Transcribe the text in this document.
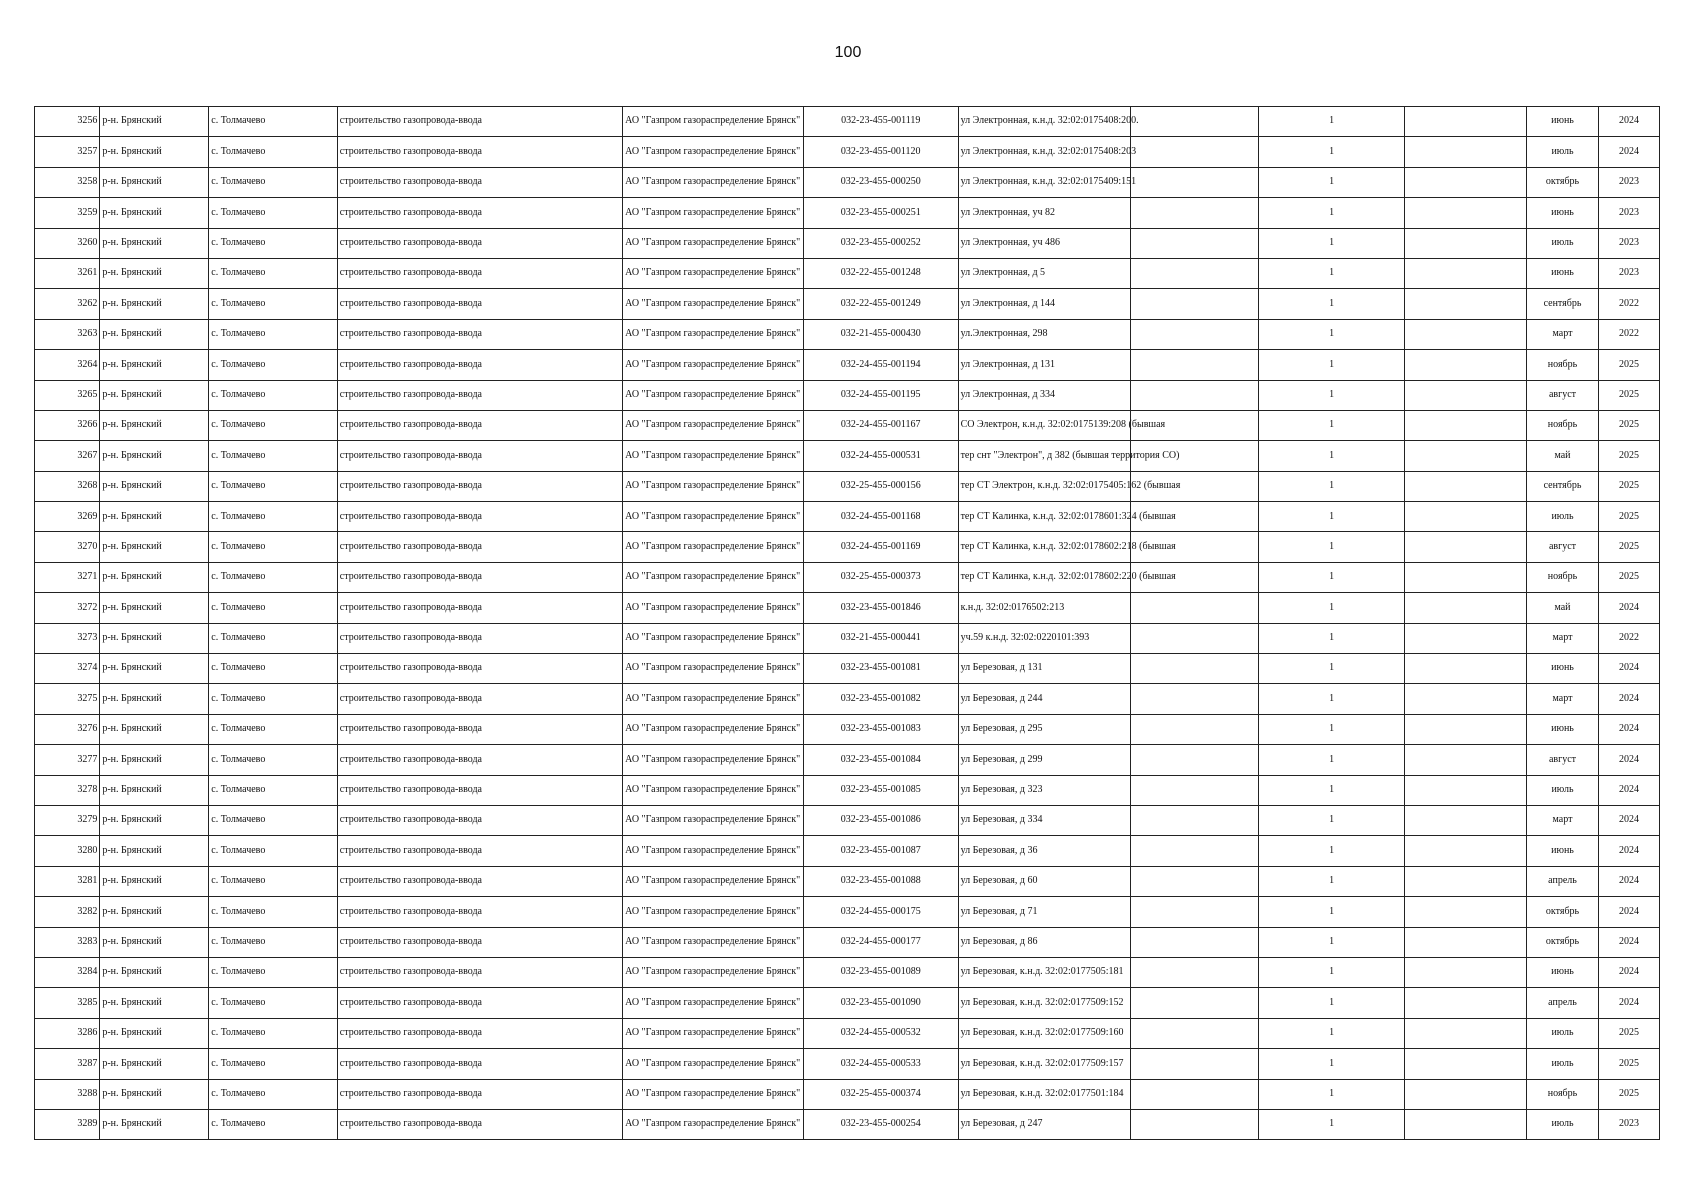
100
3256	р-н. Брянский	с. Толмачево	строительство газопровода-ввода	АО "Газпром газораспределение Брянск"	032-23-455-001119	ул Электронная, к.н.д. 32:02:0175408:200.		1		июнь	2024
3257	р-н. Брянский	с. Толмачево	строительство газопровода-ввода	АО "Газпром газораспределение Брянск"	032-23-455-001120	ул Электронная, к.н.д. 32:02:0175408:203		1		июль	2024
3258	р-н. Брянский	с. Толмачево	строительство газопровода-ввода	АО "Газпром газораспределение Брянск"	032-23-455-000250	ул Электронная, к.н.д. 32:02:0175409:151		1		октябрь	2023
3259	р-н. Брянский	с. Толмачево	строительство газопровода-ввода	АО "Газпром газораспределение Брянск"	032-23-455-000251	ул Электронная, уч 82		1		июнь	2023
3260	р-н. Брянский	с. Толмачево	строительство газопровода-ввода	АО "Газпром газораспределение Брянск"	032-23-455-000252	ул Электронная, уч 486		1		июль	2023
3261	р-н. Брянский	с. Толмачево	строительство газопровода-ввода	АО "Газпром газораспределение Брянск"	032-22-455-001248	ул Электронная, д 5		1		июнь	2023
3262	р-н. Брянский	с. Толмачево	строительство газопровода-ввода	АО "Газпром газораспределение Брянск"	032-22-455-001249	ул Электронная, д 144		1		сентябрь	2022
3263	р-н. Брянский	с. Толмачево	строительство газопровода-ввода	АО "Газпром газораспределение Брянск"	032-21-455-000430	ул.Электронная, 298		1		март	2022
3264	р-н. Брянский	с. Толмачево	строительство газопровода-ввода	АО "Газпром газораспределение Брянск"	032-24-455-001194	ул Электронная, д 131		1		ноябрь	2025
3265	р-н. Брянский	с. Толмачево	строительство газопровода-ввода	АО "Газпром газораспределение Брянск"	032-24-455-001195	ул Электронная, д 334		1		август	2025
3266	р-н. Брянский	с. Толмачево	строительство газопровода-ввода	АО "Газпром газораспределение Брянск"	032-24-455-001167	СО Электрон, к.н.д. 32:02:0175139:208 (бывшая		1		ноябрь	2025
3267	р-н. Брянский	с. Толмачево	строительство газопровода-ввода	АО "Газпром газораспределение Брянск"	032-24-455-000531	тер снт "Электрон", д 382 (бывшая территория СО)		1		май	2025
3268	р-н. Брянский	с. Толмачево	строительство газопровода-ввода	АО "Газпром газораспределение Брянск"	032-25-455-000156	тер СТ Электрон, к.н.д. 32:02:0175405:162 (бывшая		1		сентябрь	2025
3269	р-н. Брянский	с. Толмачево	строительство газопровода-ввода	АО "Газпром газораспределение Брянск"	032-24-455-001168	тер СТ Калинка, к.н.д. 32:02:0178601:324 (бывшая		1		июль	2025
3270	р-н. Брянский	с. Толмачево	строительство газопровода-ввода	АО "Газпром газораспределение Брянск"	032-24-455-001169	тер СТ Калинка, к.н.д. 32:02:0178602:218 (бывшая		1		август	2025
3271	р-н. Брянский	с. Толмачево	строительство газопровода-ввода	АО "Газпром газораспределение Брянск"	032-25-455-000373	тер СТ Калинка, к.н.д. 32:02:0178602:220 (бывшая		1		ноябрь	2025
3272	р-н. Брянский	с. Толмачево	строительство газопровода-ввода	АО "Газпром газораспределение Брянск"	032-23-455-001846	к.н.д. 32:02:0176502:213		1		май	2024
3273	р-н. Брянский	с. Толмачево	строительство газопровода-ввода	АО "Газпром газораспределение Брянск"	032-21-455-000441	уч.59 к.н.д. 32:02:0220101:393		1		март	2022
3274	р-н. Брянский	с. Толмачево	строительство газопровода-ввода	АО "Газпром газораспределение Брянск"	032-23-455-001081	ул Березовая, д 131		1		июнь	2024
3275	р-н. Брянский	с. Толмачево	строительство газопровода-ввода	АО "Газпром газораспределение Брянск"	032-23-455-001082	ул Березовая, д 244		1		март	2024
3276	р-н. Брянский	с. Толмачево	строительство газопровода-ввода	АО "Газпром газораспределение Брянск"	032-23-455-001083	ул Березовая, д 295		1		июнь	2024
3277	р-н. Брянский	с. Толмачево	строительство газопровода-ввода	АО "Газпром газораспределение Брянск"	032-23-455-001084	ул Березовая, д 299		1		август	2024
3278	р-н. Брянский	с. Толмачево	строительство газопровода-ввода	АО "Газпром газораспределение Брянск"	032-23-455-001085	ул Березовая, д 323		1		июль	2024
3279	р-н. Брянский	с. Толмачево	строительство газопровода-ввода	АО "Газпром газораспределение Брянск"	032-23-455-001086	ул Березовая, д 334		1		март	2024
3280	р-н. Брянский	с. Толмачево	строительство газопровода-ввода	АО "Газпром газораспределение Брянск"	032-23-455-001087	ул Березовая, д 36		1		июнь	2024
3281	р-н. Брянский	с. Толмачево	строительство газопровода-ввода	АО "Газпром газораспределение Брянск"	032-23-455-001088	ул Березовая, д 60		1		апрель	2024
3282	р-н. Брянский	с. Толмачево	строительство газопровода-ввода	АО "Газпром газораспределение Брянск"	032-24-455-000175	ул Березовая, д 71		1		октябрь	2024
3283	р-н. Брянский	с. Толмачево	строительство газопровода-ввода	АО "Газпром газораспределение Брянск"	032-24-455-000177	ул Березовая, д 86		1		октябрь	2024
3284	р-н. Брянский	с. Толмачево	строительство газопровода-ввода	АО "Газпром газораспределение Брянск"	032-23-455-001089	ул Березовая, к.н.д. 32:02:0177505:181		1		июнь	2024
3285	р-н. Брянский	с. Толмачево	строительство газопровода-ввода	АО "Газпром газораспределение Брянск"	032-23-455-001090	ул Березовая, к.н.д. 32:02:0177509:152		1		апрель	2024
3286	р-н. Брянский	с. Толмачево	строительство газопровода-ввода	АО "Газпром газораспределение Брянск"	032-24-455-000532	ул Березовая, к.н.д. 32:02:0177509:160		1		июль	2025
3287	р-н. Брянский	с. Толмачево	строительство газопровода-ввода	АО "Газпром газораспределение Брянск"	032-24-455-000533	ул Березовая, к.н.д. 32:02:0177509:157		1		июль	2025
3288	р-н. Брянский	с. Толмачево	строительство газопровода-ввода	АО "Газпром газораспределение Брянск"	032-25-455-000374	ул Березовая, к.н.д. 32:02:0177501:184		1		ноябрь	2025
3289	р-н. Брянский	с. Толмачево	строительство газопровода-ввода	АО "Газпром газораспределение Брянск"	032-23-455-000254	ул Березовая, д 247		1		июль	2023
